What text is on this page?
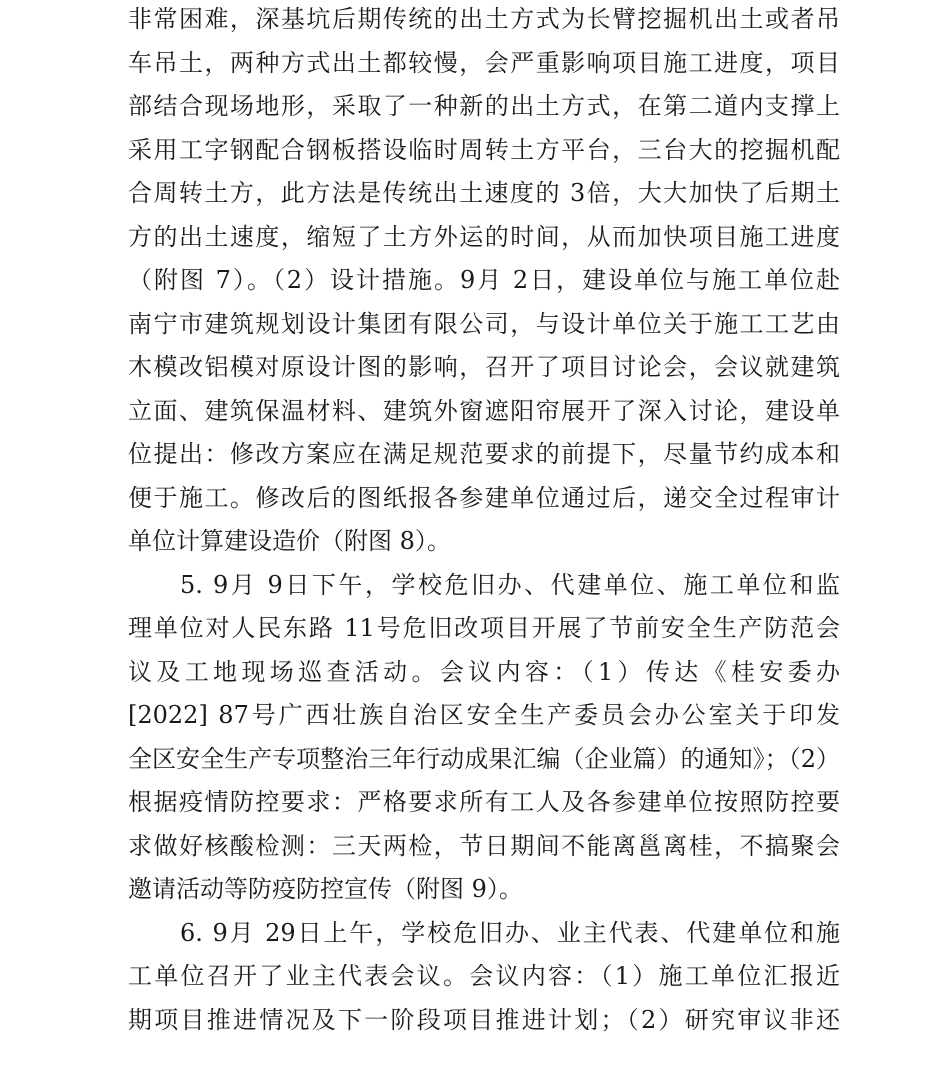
非常困难，深基坑后期传统的出土方式为长臂挖掘机出土或者吊
车吊土，两种方式出土都较慢，会严重影响项目施工进度，项目
部结合现场地形，采取了一种新的出土方式，在第二道内支撑上
采用工字钢配合钢板搭设临时周转土方平台，三台大的挖掘机配
合周转土方，此方法是传统出土速度的 3倍，大大加快了后期土
方的出土速度，缩短了土方外运的时间，从而加快项目施工进度
（附图 7）。（2）设计措施。9月 2日，建设单位与施工单位赴
南宁市建筑规划设计集团有限公司，与设计单位关于施工工艺由
木模改铝模对原设计图的影响，召开了项目讨论会，会议就建筑
立面、建筑保温材料、建筑外窗遮阳帘展开了深入讨论，建设单
位提出：修改方案应在满足规范要求的前提下，尽量节约成本和
便于施工。修改后的图纸报各参建单位通过后，递交全过程审计
单位计算建设造价（附图 8）。
5. 9月 9日下午，学校危旧办、代建单位、施工单位和监
理单位对人民东路 11号危旧改项目开展了节前安全生产防范会
议及工地现场巡查活动。会议内容：（1）传达《桂安委办
[2022] 87号广西壮族自治区安全生产委员会办公室关于印发
全区安全生产专项整治三年行动成果汇编（企业篇）的通知》；（2）
根据疫情防控要求：严格要求所有工人及各参建单位按照防控要
求做好核酸检测：三天两检，节日期间不能离邕离桂，不搞聚会
邀请活动等防疫防控宣传（附图 9）。
6. 9月 29日上午，学校危旧办、业主代表、代建单位和施
工单位召开了业主代表会议。会议内容：（1）施工单位汇报近
期项目推进情况及下一阶段项目推进计划；（2）研究审议非还
